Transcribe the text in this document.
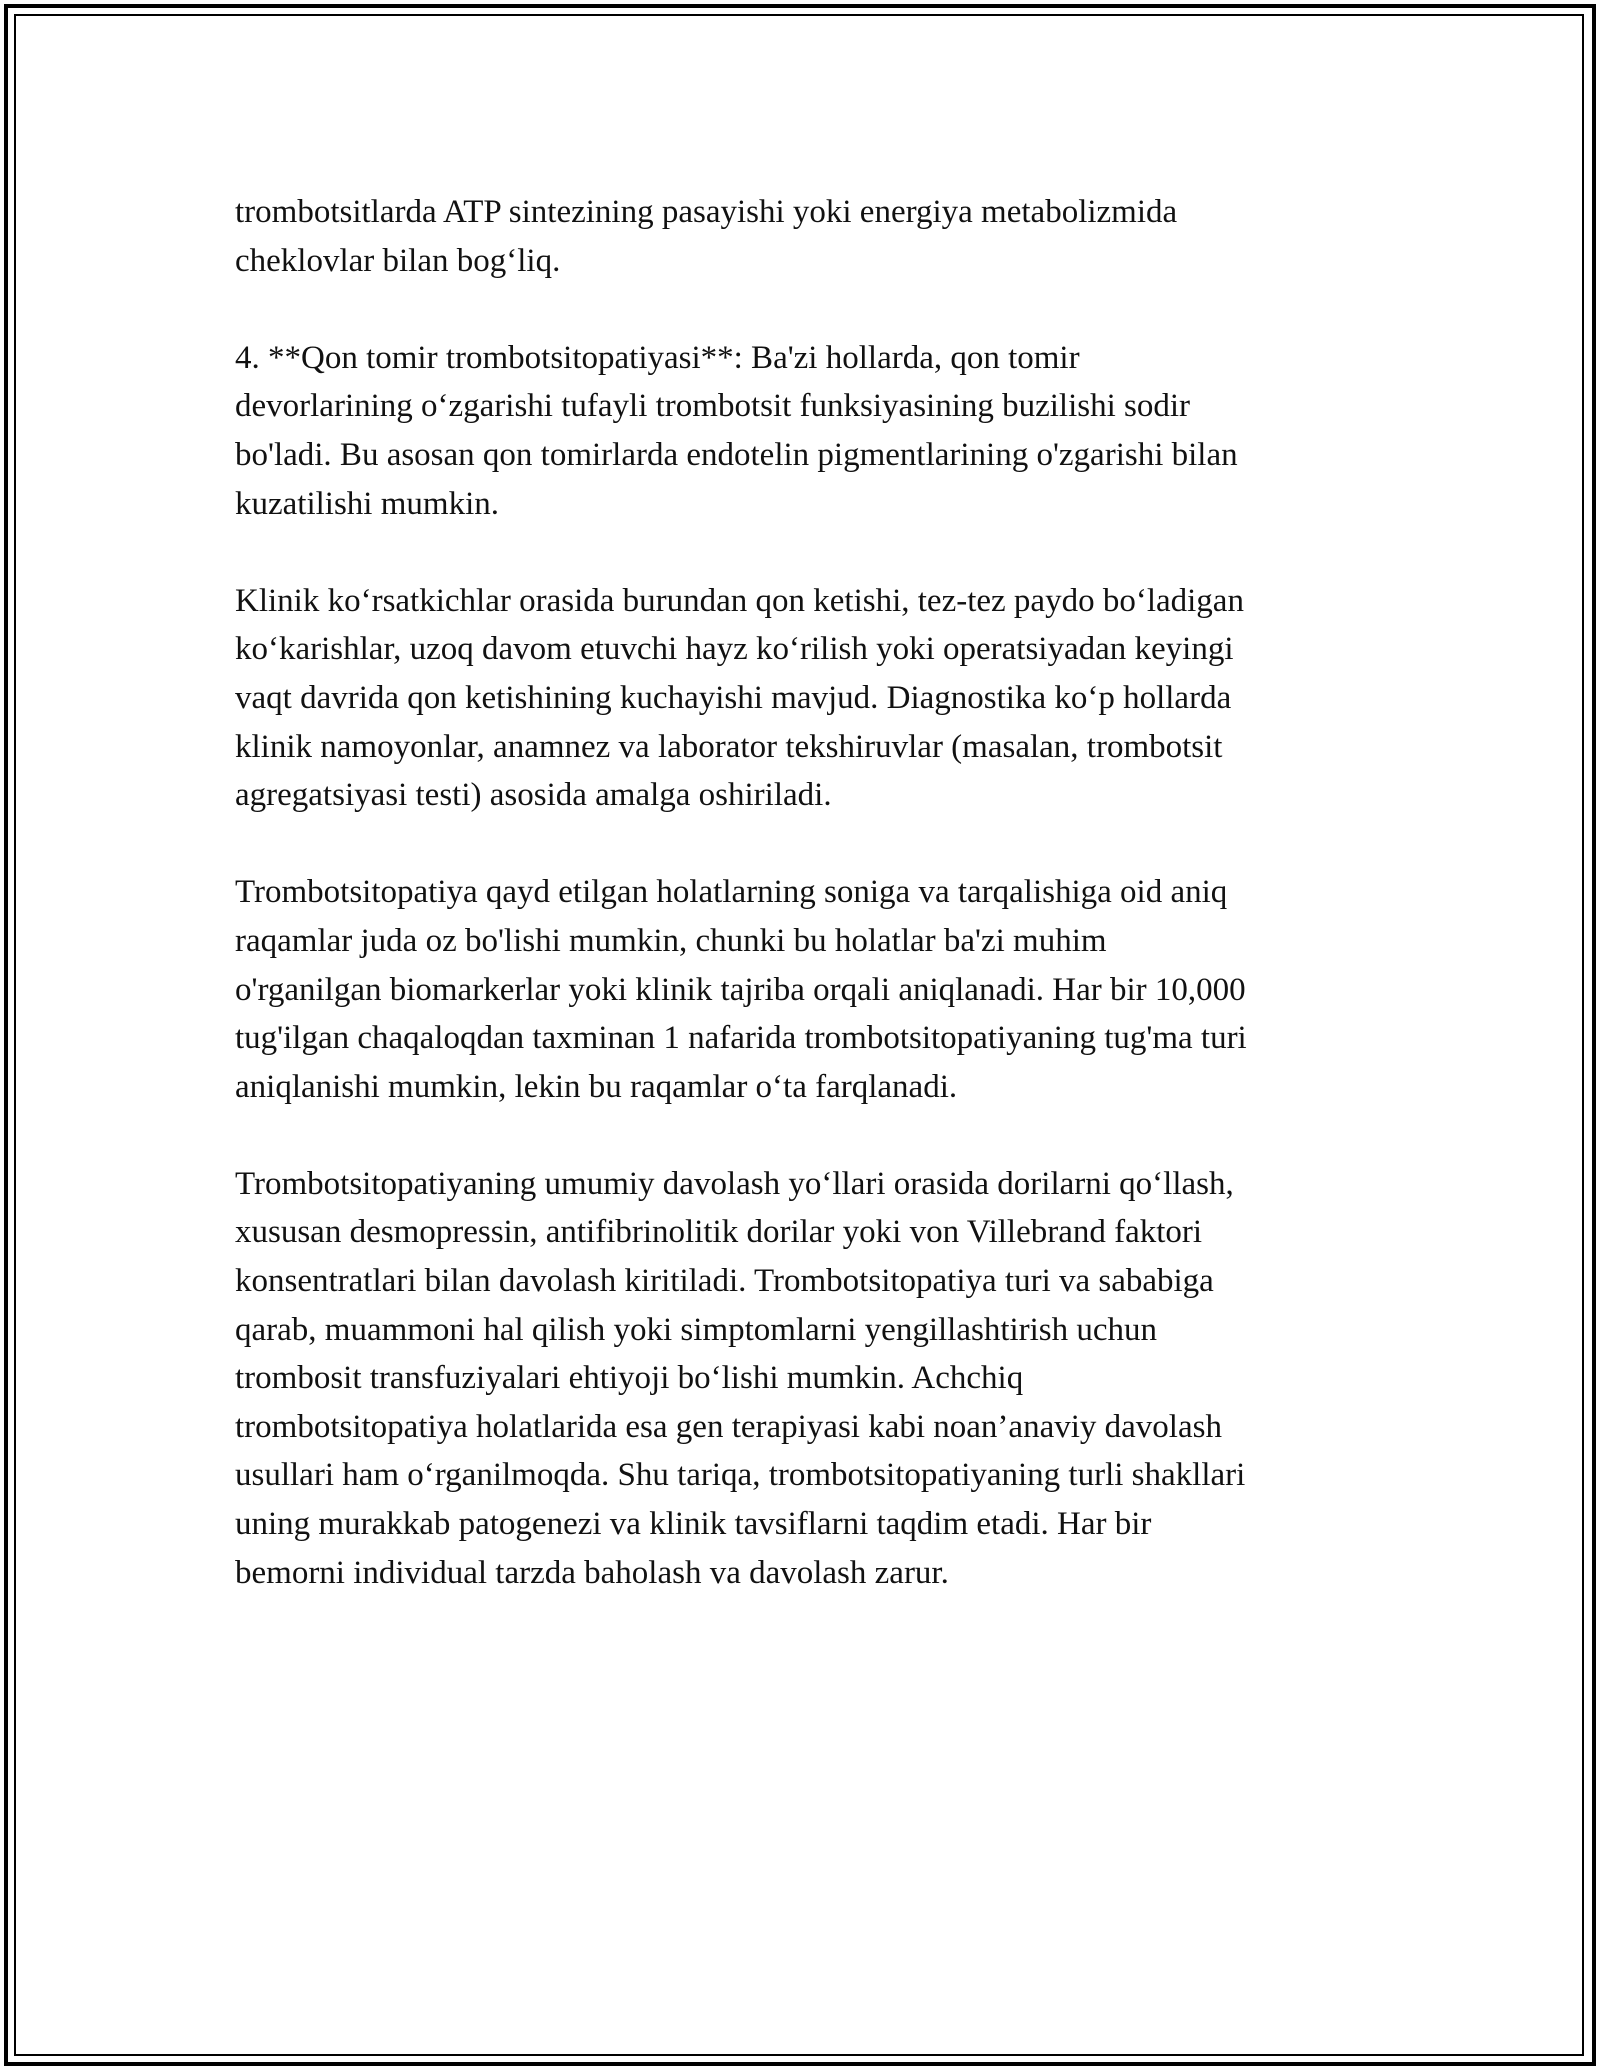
trombotsitlarda ATP sintezining pasayishi yoki energiya metabolizmida
cheklovlar bilan bog‘liq.

4. **Qon tomir trombotsitopatiyasi**: Ba'zi hollarda, qon tomir
devorlarining o‘zgarishi tufayli trombotsit funksiyasining buzilishi sodir
bo'ladi. Bu asosan qon tomirlarda endotelin pigmentlarining o'zgarishi bilan
kuzatilishi mumkin.

Klinik ko‘rsatkichlar orasida burundan qon ketishi, tez-tez paydo bo‘ladigan
ko‘karishlar, uzoq davom etuvchi hayz ko‘rilish yoki operatsiyadan keyingi
vaqt davrida qon ketishining kuchayishi mavjud. Diagnostika ko‘p hollarda
klinik namoyonlar, anamnez va laborator tekshiruvlar (masalan, trombotsit
agregatsiyasi testi) asosida amalga oshiriladi.

Trombotsitopatiya qayd etilgan holatlarning soniga va tarqalishiga oid aniq
raqamlar juda oz bo'lishi mumkin, chunki bu holatlar ba'zi muhim
o'rganilgan biomarkerlar yoki klinik tajriba orqali aniqlanadi. Har bir 10,000
tug'ilgan chaqaloqdan taxminan 1 nafarida trombotsitopatiyaning tug'ma turi
aniqlanishi mumkin, lekin bu raqamlar o‘ta farqlanadi.

Trombotsitopatiyaning umumiy davolash yo‘llari orasida dorilarni qo‘llash,
xususan desmopressin, antifibrinolitik dorilar yoki von Villebrand faktori
konsentratlari bilan davolash kiritiladi. Trombotsitopatiya turi va sababiga
qarab, muammoni hal qilish yoki simptomlarni yengillashtirish uchun
trombosit transfuziyalari ehtiyoji bo‘lishi mumkin. Achchiq
trombotsitopatiya holatlarida esa gen terapiyasi kabi noan’anaviy davolash
usullari ham o‘rganilmoqda. Shu tariqa, trombotsitopatiyaning turli shakllari
uning murakkab patogenezi va klinik tavsiflarni taqdim etadi. Har bir
bemorni individual tarzda baholash va davolash zarur.
